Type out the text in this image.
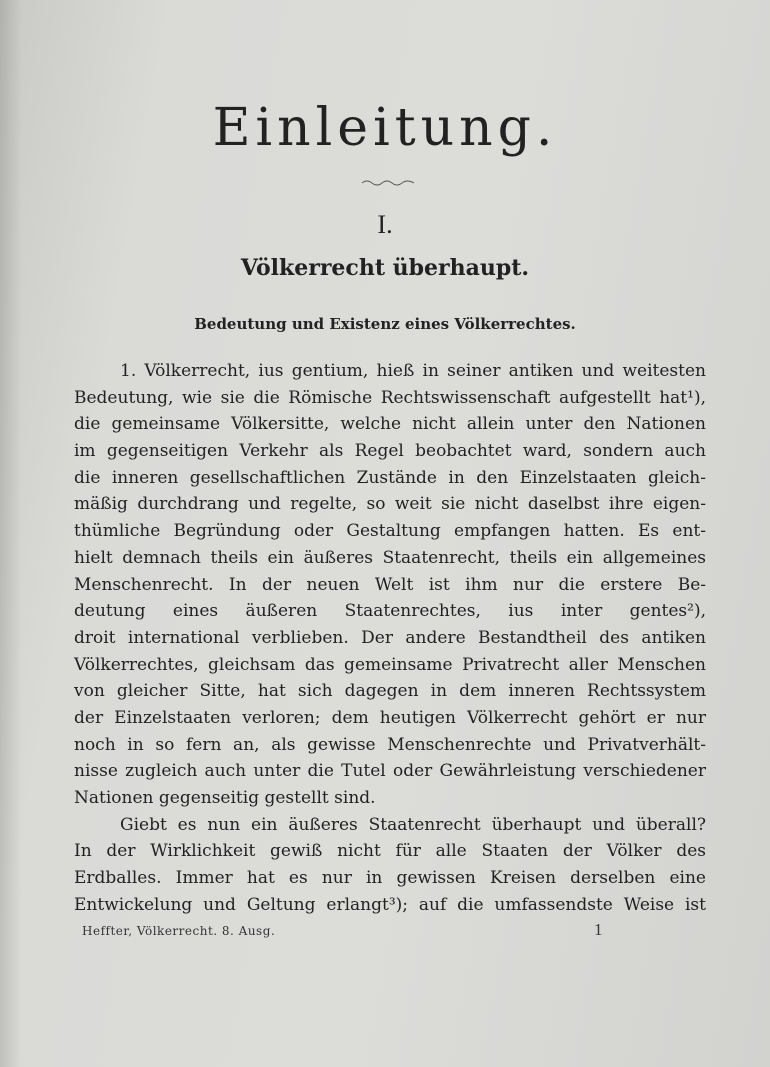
Einleitung.
I.
Völkerrecht überhaupt.
Bedeutung und Existenz eines Völkerrechtes.
1. Völkerrecht, ius gentium, hieß in seiner antiken und weitesten
Bedeutung, wie sie die Römische Rechtswissenschaft aufgestellt hat¹),
die gemeinsame Völkersitte, welche nicht allein unter den Nationen
im gegenseitigen Verkehr als Regel beobachtet ward, sondern auch
die inneren gesellschaftlichen Zustände in den Einzelstaaten gleich-
mäßig durchdrang und regelte, so weit sie nicht daselbst ihre eigen-
thümliche Begründung oder Gestaltung empfangen hatten. Es ent-
hielt demnach theils ein äußeres Staatenrecht, theils ein allgemeines
Menschenrecht. In der neuen Welt ist ihm nur die erstere Be-
deutung eines äußeren Staatenrechtes, ius inter gentes²),
droit international verblieben. Der andere Bestandtheil des antiken
Völkerrechtes, gleichsam das gemeinsame Privatrecht aller Menschen
von gleicher Sitte, hat sich dagegen in dem inneren Rechtssystem
der Einzelstaaten verloren; dem heutigen Völkerrecht gehört er nur
noch in so fern an, als gewisse Menschenrechte und Privatverhält-
nisse zugleich auch unter die Tutel oder Gewährleistung verschiedener
Nationen gegenseitig gestellt sind.
Giebt es nun ein äußeres Staatenrecht überhaupt und überall?
In der Wirklichkeit gewiß nicht für alle Staaten der Völker des
Erdballes. Immer hat es nur in gewissen Kreisen derselben eine
Entwickelung und Geltung erlangt³); auf die umfassendste Weise ist
Heffter, Völkerrecht. 8. Ausg.	1
